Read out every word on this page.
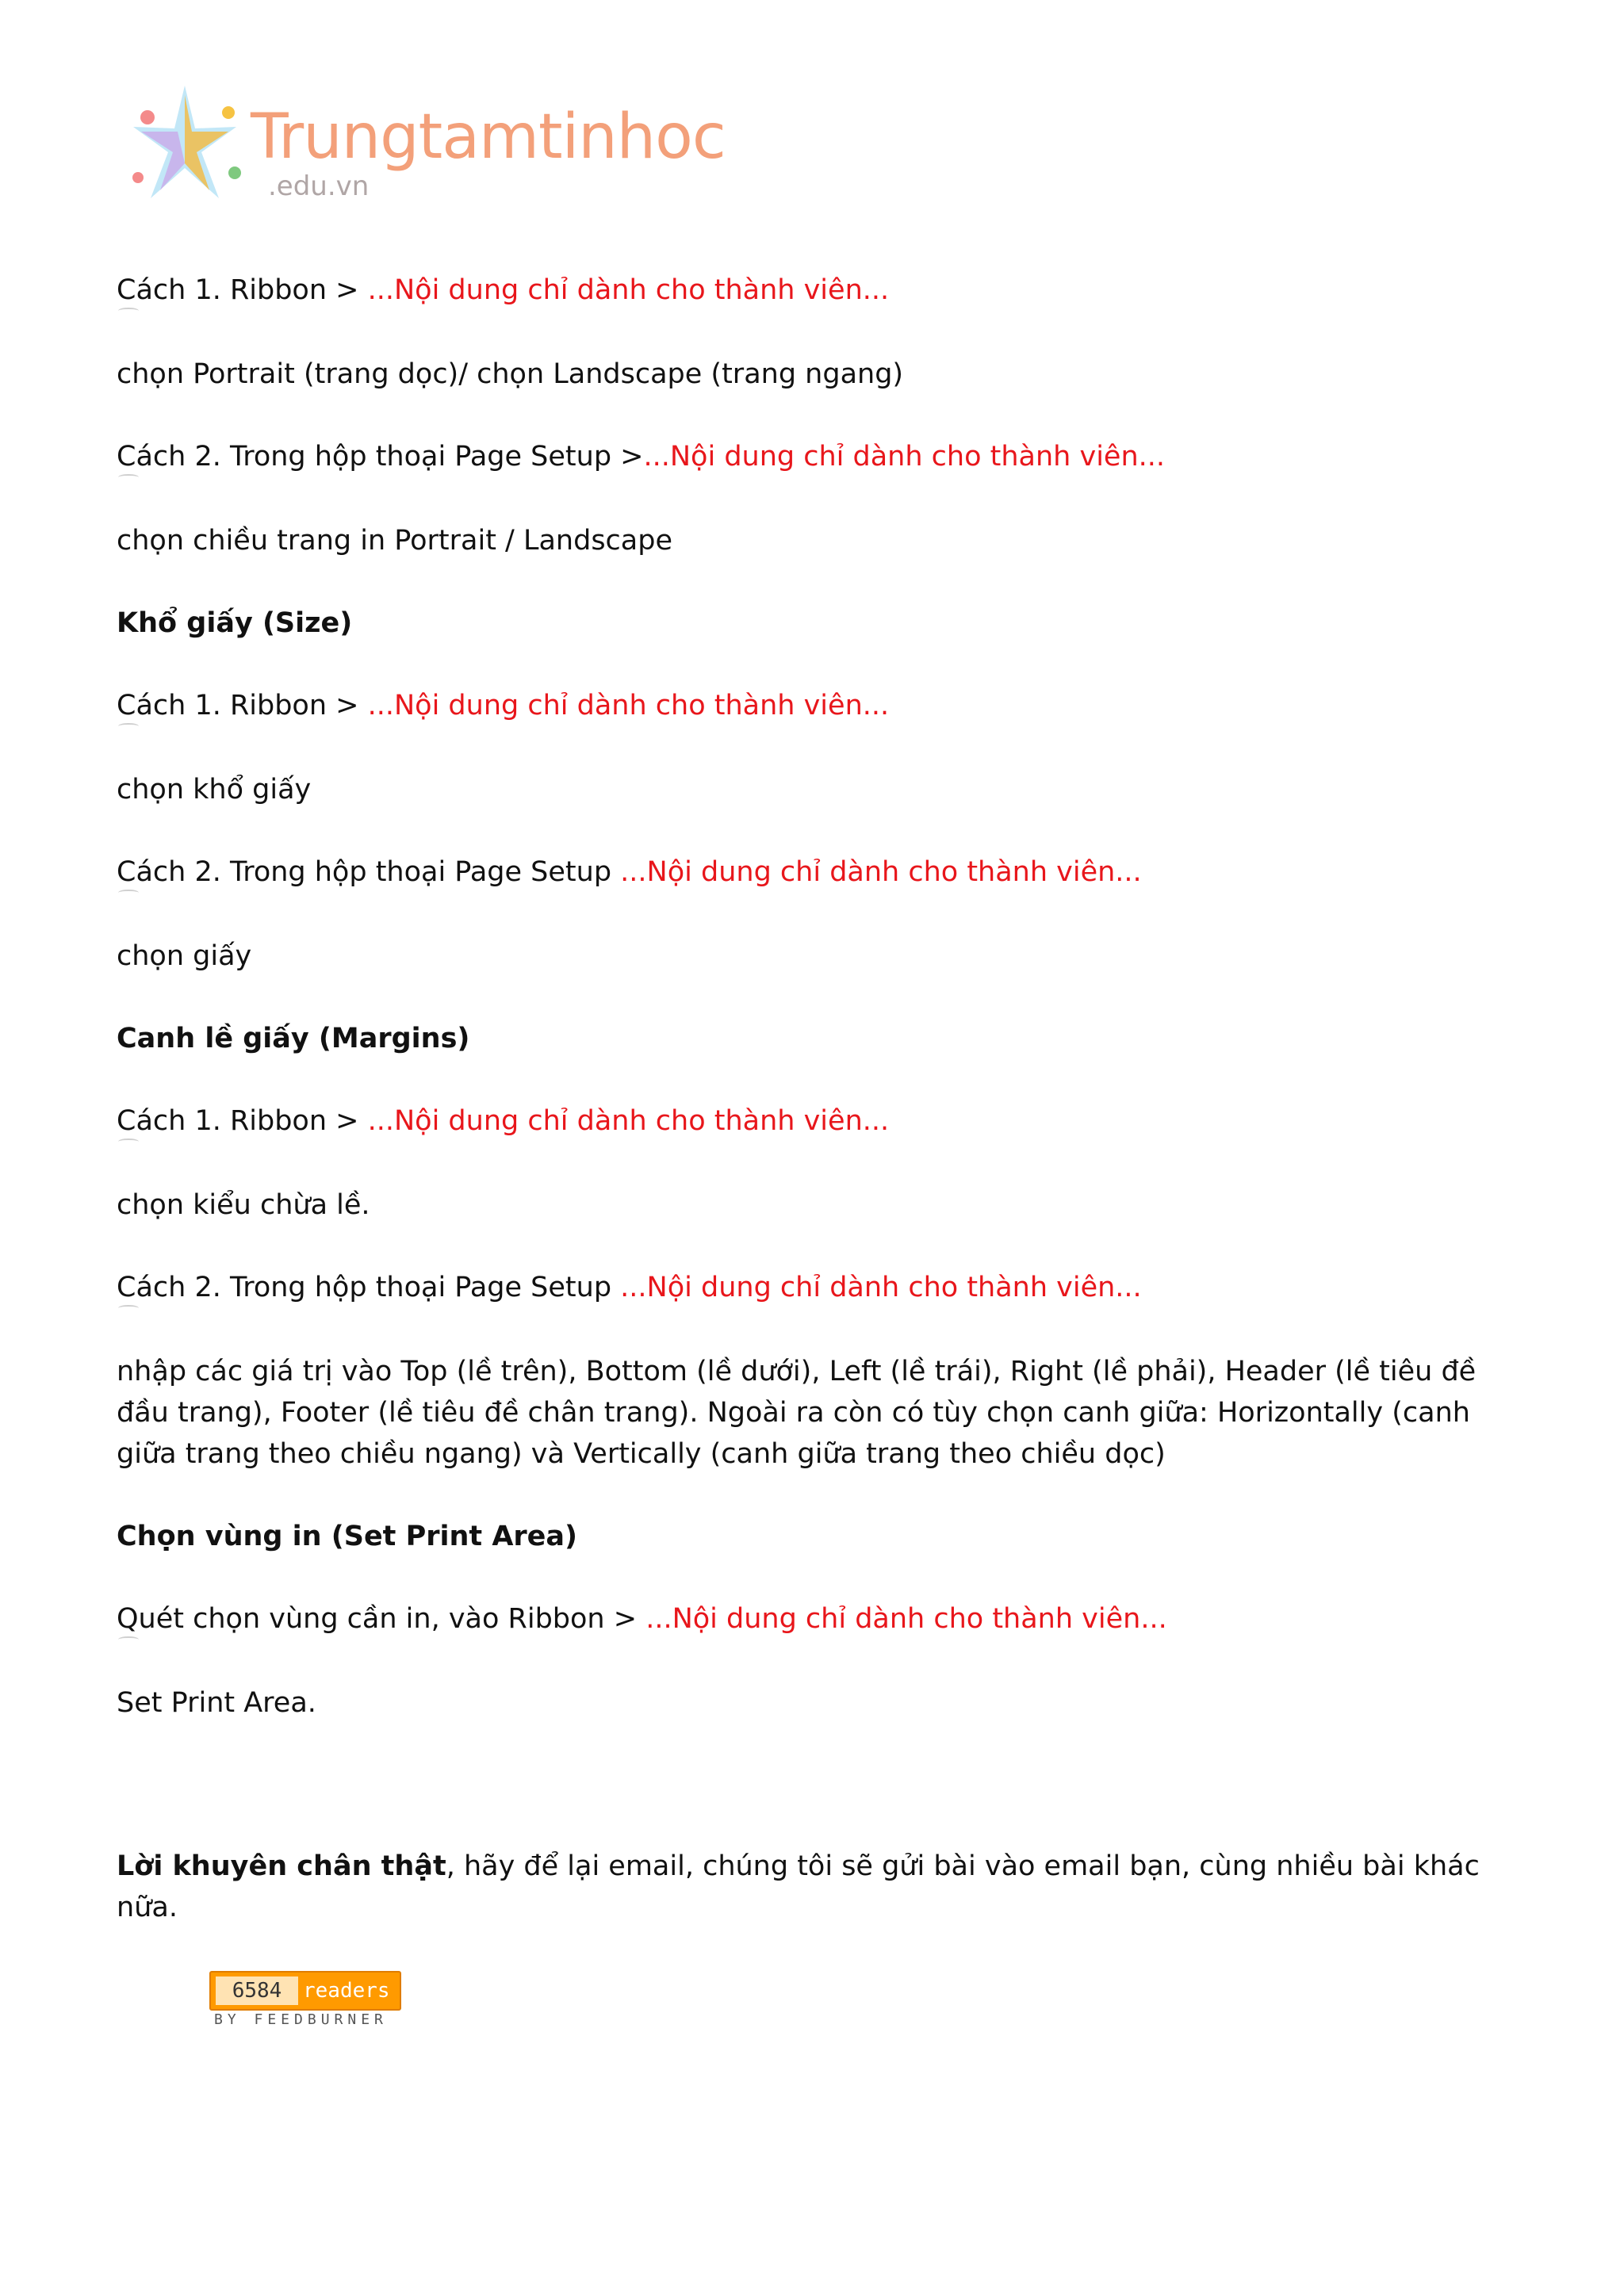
Trungtamtinhoc
.edu.vn

Cách 1. Ribbon > ...Nội dung chỉ dành cho thành viên...

chọn Portrait (trang dọc)/ chọn Landscape (trang ngang)

Cách 2. Trong hộp thoại Page Setup >...Nội dung chỉ dành cho thành viên...

chọn chiều trang in Portrait / Landscape

Khổ giấy (Size)

Cách 1. Ribbon > ...Nội dung chỉ dành cho thành viên...

chọn khổ giấy

Cách 2. Trong hộp thoại Page Setup ...Nội dung chỉ dành cho thành viên...

chọn giấy

Canh lề giấy (Margins)

Cách 1. Ribbon > ...Nội dung chỉ dành cho thành viên...

chọn kiểu chừa lề.

Cách 2. Trong hộp thoại Page Setup ...Nội dung chỉ dành cho thành viên...

nhập các giá trị vào Top (lề trên), Bottom (lề dưới), Left (lề trái), Right (lề phải), Header (lề tiêu đề đầu trang), Footer (lề tiêu đề chân trang). Ngoài ra còn có tùy chọn canh giữa: Horizontally (canh giữa trang theo chiều ngang) và Vertically (canh giữa trang theo chiều dọc)

Chọn vùng in (Set Print Area)

Quét chọn vùng cần in, vào Ribbon > ...Nội dung chỉ dành cho thành viên...

Set Print Area.

Lời khuyên chân thật, hãy để lại email, chúng tôi sẽ gửi bài vào email bạn, cùng nhiều bài khác nữa.

6584	readers
BY FEEDBURNER
